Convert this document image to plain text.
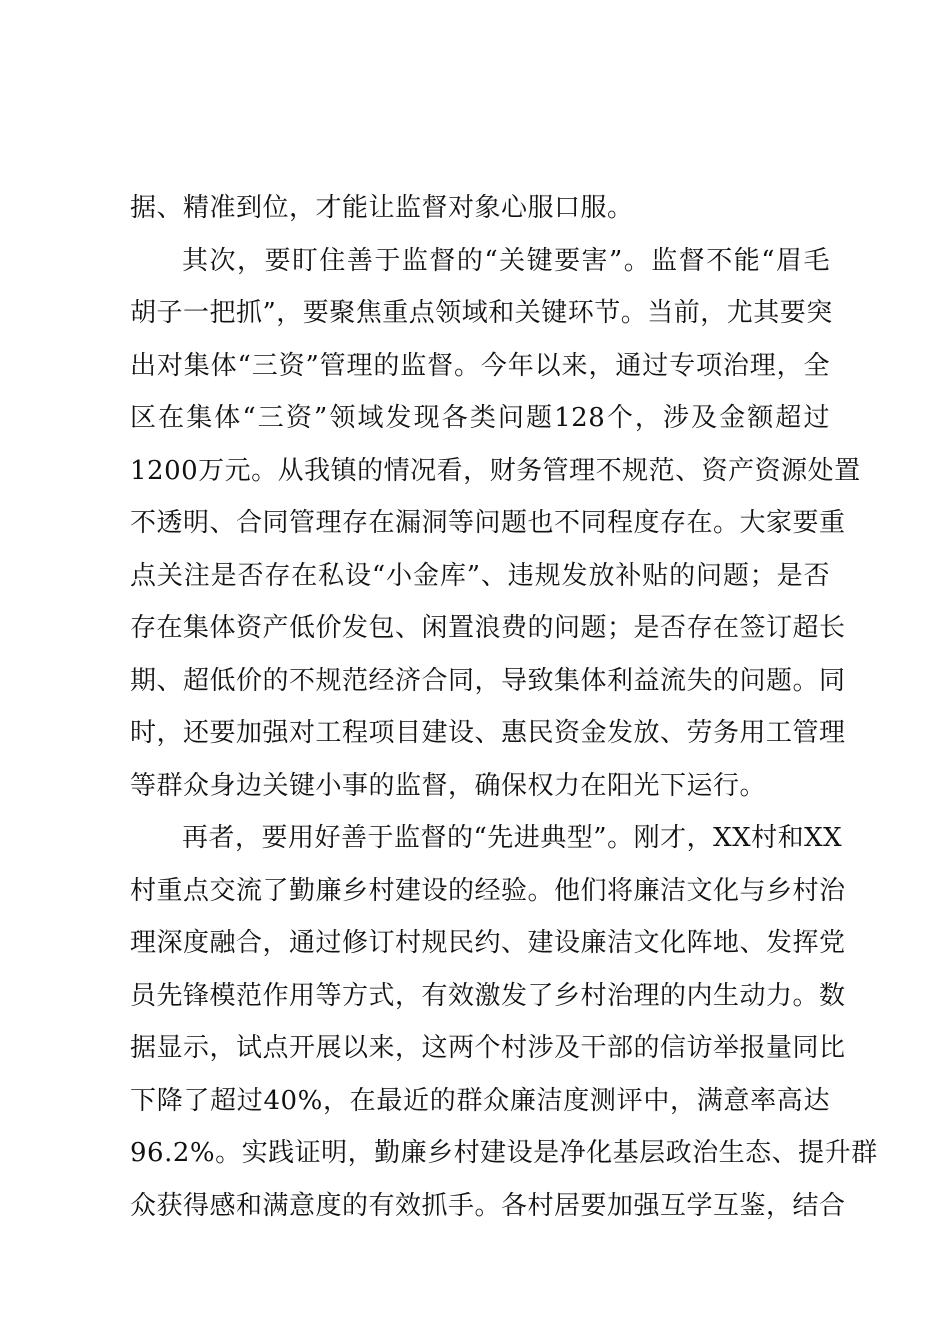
据、精准到位，才能让监督对象心服口服。
其次，要盯住善于监督的“关键要害”。监督不能“眉毛
胡子一把抓”，要聚焦重点领域和关键环节。当前，尤其要突
出对集体“三资”管理的监督。今年以来，通过专项治理，全
区在集体“三资”领域发现各类问题128个，涉及金额超过
1200万元。从我镇的情况看，财务管理不规范、资产资源处置
不透明、合同管理存在漏洞等问题也不同程度存在。大家要重
点关注是否存在私设“小金库”、违规发放补贴的问题；是否
存在集体资产低价发包、闲置浪费的问题；是否存在签订超长
期、超低价的不规范经济合同，导致集体利益流失的问题。同
时，还要加强对工程项目建设、惠民资金发放、劳务用工管理
等群众身边关键小事的监督，确保权力在阳光下运行。
再者，要用好善于监督的“先进典型”。刚才，XX村和XX
村重点交流了勤廉乡村建设的经验。他们将廉洁文化与乡村治
理深度融合，通过修订村规民约、建设廉洁文化阵地、发挥党
员先锋模范作用等方式，有效激发了乡村治理的内生动力。数
据显示，试点开展以来，这两个村涉及干部的信访举报量同比
下降了超过40%，在最近的群众廉洁度测评中，满意率高达
96.2%。实践证明，勤廉乡村建设是净化基层政治生态、提升群
众获得感和满意度的有效抓手。各村居要加强互学互鉴，结合
